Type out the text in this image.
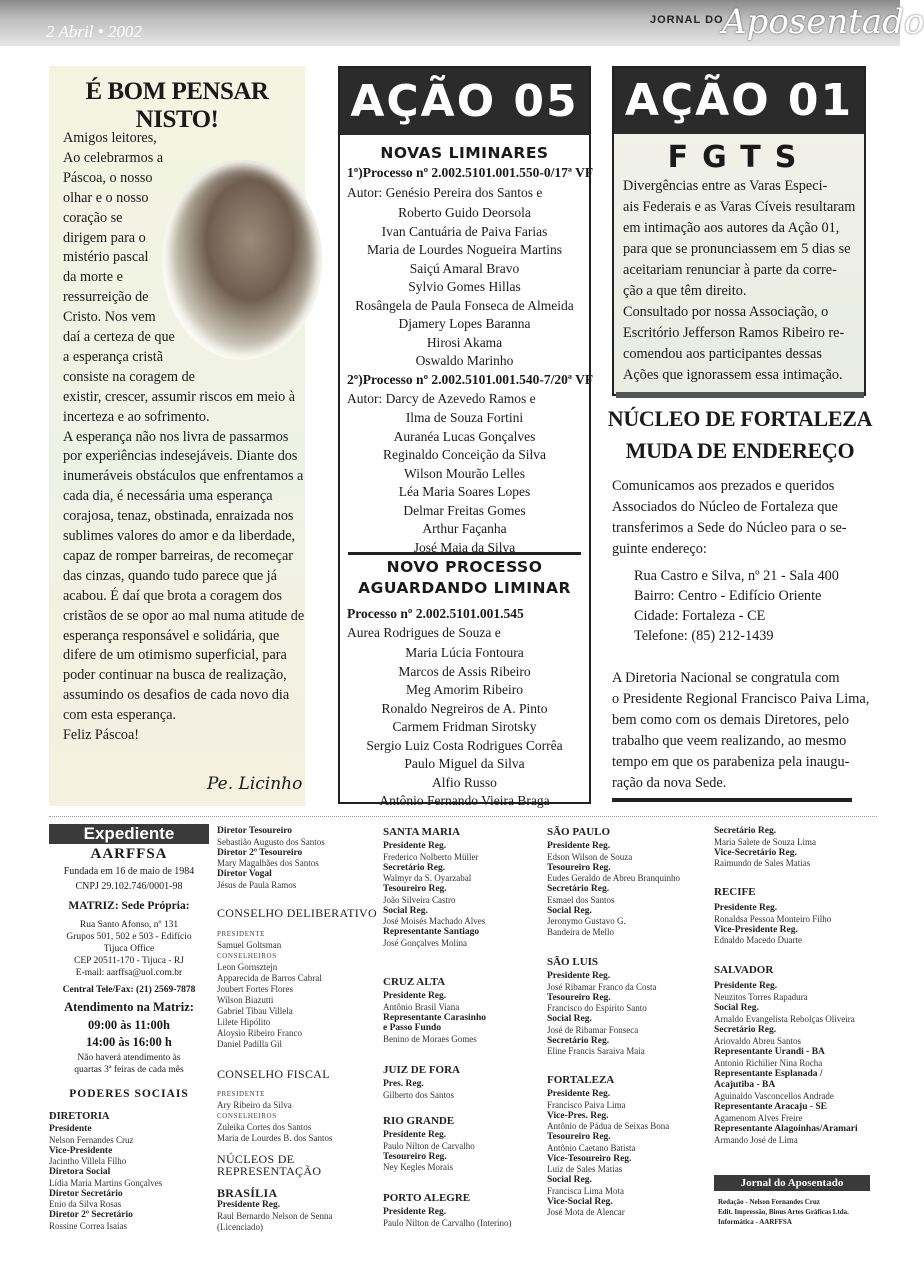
2 Abril • 2002
JORNAL DO
Aposentado
É BOM PENSAR NISTO!
Pe. Licinho
Amigos leitores,
Ao celebrarmos a
Páscoa, o nosso
olhar e o nosso
coração se
dirigem para o
mistério pascal
da morte e
ressurreição de
Cristo. Nos vem
daí a certeza de que
a esperança cristã
consiste na coragem de
existir, crescer, assumir riscos em meio à
incerteza e ao sofrimento.
A esperança não nos livra de passarmos
por experiências indesejáveis. Diante dos
inumeráveis obstáculos que enfrentamos a
cada dia, é necessária uma esperança
corajosa, tenaz, obstinada, enraizada nos
sublimes valores do amor e da liberdade,
capaz de romper barreiras, de recomeçar
das cinzas, quando tudo parece que já
acabou. É daí que brota a coragem dos
cristãos de se opor ao mal numa atitude de
esperança responsável e solidária, que
difere de um otimismo superficial, para
poder continuar na busca de realização,
assumindo os desafios de cada novo dia
com esta esperança.
Feliz Páscoa!
AÇÃO 05
NOVAS LIMINARES
1º)Processo nº 2.002.5101.001.550-0/17ª VF
Autor: Genésio Pereira dos Santos e
2º)Processo nº 2.002.5101.001.540-7/20ª VF
Autor: Darcy de Azevedo Ramos e
NOVO PROCESSO
AGUARDANDO LIMINAR
Processo nº 2.002.5101.001.545
Aurea Rodrigues de Souza e
Roberto Guido Deorsola
Ivan Cantuária de Paiva Farias
Maria de Lourdes Nogueira Martins
Saiçú Amaral Bravo
Sylvio Gomes Hillas
Rosângela de Paula Fonseca de Almeida
Djamery Lopes Baranna
Hirosi Akama
Oswaldo Marinho
Ilma de Souza Fortini
Auranéa Lucas Gonçalves
Reginaldo Conceição da Silva
Wilson Mourão Lelles
Léa Maria Soares Lopes
Delmar Freitas Gomes
Arthur Façanha
José Maia da Silva
Maria Lúcia Fontoura
Marcos de Assis Ribeiro
Meg Amorim Ribeiro
Ronaldo Negreiros de A. Pinto
Carmem Fridman Sirotsky
Sergio Luiz Costa Rodrigues Corrêa
Paulo Miguel da Silva
Alfio Russo
Antônio Fernando Vieira Braga
AÇÃO 01
FGTS
Divergências entre as Varas Especi-
ais Federais e as Varas Cíveis resultaram
em intimação aos autores da Ação 01,
para que se pronunciassem em 5 dias se
aceitariam renunciar à parte da corre-
ção a que têm direito.
Consultado por nossa Associação, o
Escritório Jefferson Ramos Ribeiro re-
comendou aos participantes dessas
Ações que ignorassem essa intimação.
NÚCLEO DE FORTALEZA
MUDA DE ENDEREÇO
Expediente
AARFFSA
Fundada em 16 de maio de 1984
CNPJ 29.102.746/0001-98
MATRIZ: Sede Própria:
Rua Santo Afonso, nº 131
Grupos 501, 502 e 503 - Edifício
Tijuca Office
CEP 20511-170 - Tijuca - RJ
E-mail: aarffsa@uol.com.br
Central Tele/Fax: (21) 2569-7878
Atendimento na Matriz:
09:00 às 11:00h
14:00 às 16:00 h
Não haverá atendimento às
quartas 3ª feiras de cada mês
PODERES SOCIAIS
DIRETORIA
Jornal do Aposentado
Comunicamos aos prezados e queridos
Associados do Núcleo de Fortaleza que
transferimos a Sede do Núcleo para o se-
guinte endereço:
Rua Castro e Silva, nº 21 - Sala 400
Bairro: Centro - Edifício Oriente
Cidade: Fortaleza - CE
Telefone: (85) 212-1439
A Diretoria Nacional se congratula com
o Presidente Regional Francisco Paiva Lima,
bem como com os demais Diretores, pelo
trabalho que veem realizando, ao mesmo
tempo em que os parabeniza pela inaugu-
ração da nova Sede.
Presidente
Nelson Fernandes Cruz
Vice-Presidente
Jacintho Villela Filho
Diretora Social
Lídia Maria Martins Gonçalves
Diretor Secretário
Enio da Silva Rosas
Diretor 2º Secretário
Rossine Correa Isaías
Diretor Tesoureiro
Sebastião Augusto dos Santos
Diretor 2º Tesoureiro
Mary Magalhães dos Santos
Diretor Vogal
Jésus de Paula Ramos
CONSELHO DELIBERATIVO
PRESIDENTE
Samuel Goltsman
CONSELHEIROS
Leon Gornsztejn
Apparecida de Barros Cabral
Joubert Fortes Flores
Wilson Biazutti
Gabriel Tibau Villela
Lilete Hipólito
Aloysio Ribeiro Franco
Daniel Padilla Gil
CONSELHO FISCAL
PRESIDENTE
Ary Ribeiro da Silva
CONSELHEIROS
Zuleika Cortes dos Santos
Maria de Lourdes B. dos Santos
NÚCLEOS DE
REPRESENTAÇÃO
BRASÍLIA
Presidente Reg.
Raul Bernardo Nelson de Senna
(Licenciado)
SANTA MARIA
Presidente Reg.
Frederico Nolberto Müller
Secretário Reg.
Walmyr da S. Oyarzabal
Tesoureiro Reg.
João Silveira Castro
Social Reg.
José Moisés Machado Alves
Representante Santiago
José Gonçalves Molina
CRUZ ALTA
Presidente Reg.
Antônio Brasil Viana
Representante Carasinho
e Passo Fundo
Benino de Moraes Gomes
JUIZ DE FORA
Pres. Reg.
Gilberto dos Santos
RIO GRANDE
Presidente Reg.
Paulo Nilton de Carvalho
Tesoureiro Reg.
Ney Kegles Morais
PORTO ALEGRE
Presidente Reg.
Paulo Nilton de Carvalho (Interino)
SÃO PAULO
Presidente Reg.
Edson Wilson de Souza
Tesoureiro Reg.
Eudes Geraldo de Abreu Branquinho
Secretário Reg.
Esmael dos Santos
Social Reg.
Jeronymo Gustavo G.
Bandeira de Mello
SÃO LUIS
Presidente Reg.
José Ribamar Franco da Costa
Tesoureiro Reg.
Francisco do Espírito Santo
Social Reg.
José de Ribamar Fonseca
Secretário Reg.
Eline Francis Saraiva Maia
FORTALEZA
Presidente Reg.
Francisco Paiva Lima
Vice-Pres. Reg.
Antônio de Pádua de Seixas Bona
Tesoureiro Reg.
Antônio Caetano Batista
Vice-Tesoureiro Reg.
Luiz de Sales Matias
Social Reg.
Francisca Lima Mota
Vice-Social Reg.
José Mota de Alencar
Secretário Reg.
Maria Salete de Souza Lima
Vice-Secretário Reg.
Raimundo de Sales Matias
RECIFE
Presidente Reg.
Ronaldsa Pessoa Monteiro Filho
Vice-Presidente Reg.
Ednaldo Macedo Duarte
SALVADOR
Presidente Reg.
Neuzitos Torres Rapadura
Social Reg.
Arnaldo Evangelista Rebolças Oliveira
Secretário Reg.
Ariovaldo Abreu Santos
Representante Urandi - BA
Antonio Richilier Nina Rocha
Representante Esplanada /
Acajutiba - BA
Aguinaldo Vasconcellos Andrade
Representante Aracaju - SE
Agamenom Alves Freire
Representante Alagoinhas/Aramari
Armando José de Lima
Redação - Nelson Fernandes Cruz
Edit. Impressão, Binus Artes Gráficas Ltda.
Informática - AARFFSA
